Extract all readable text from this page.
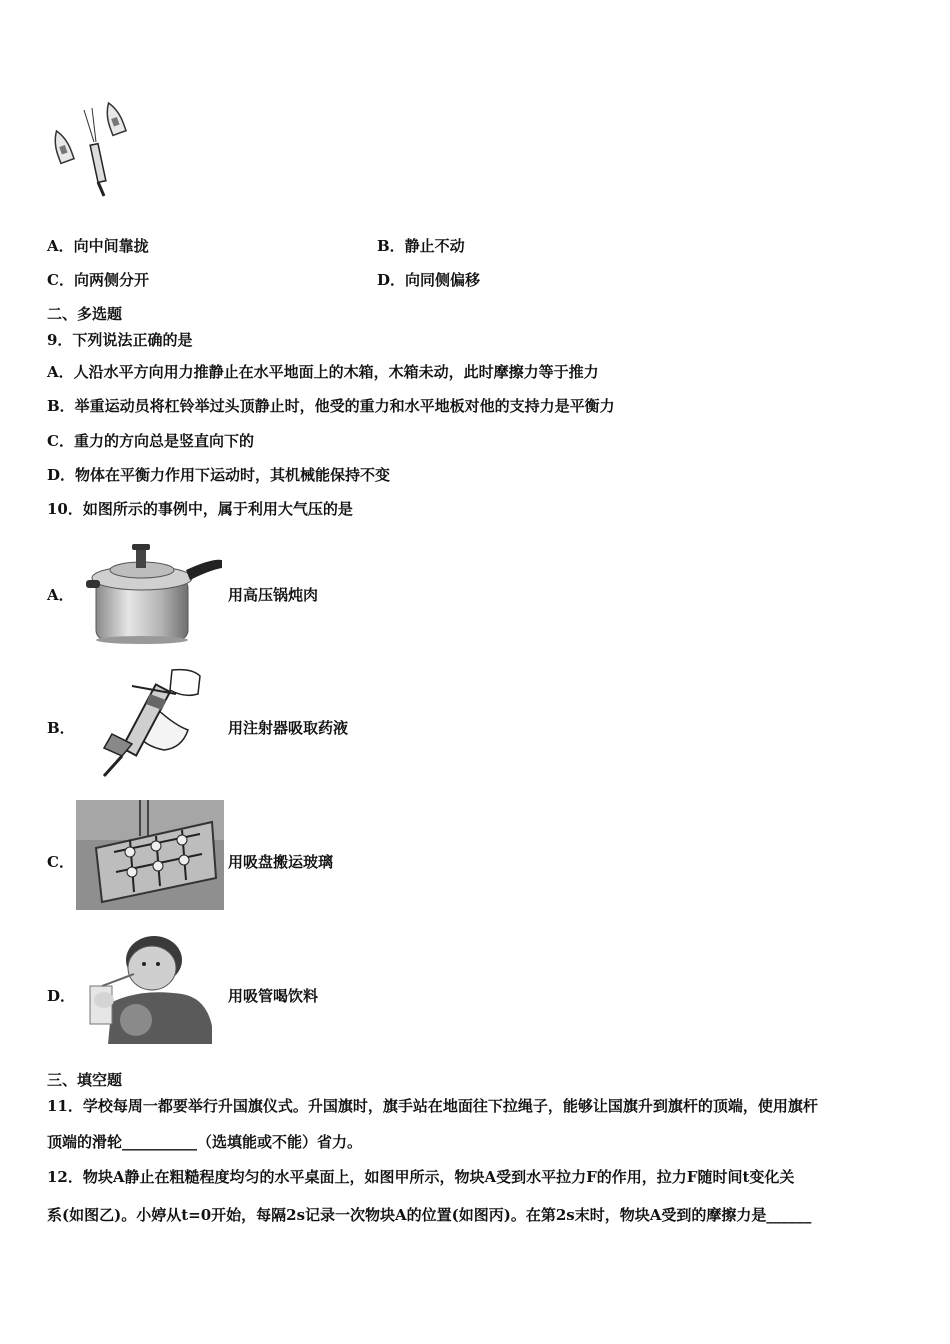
A．向中间靠拢	B．静止不动
C．向两侧分开	D．向同侧偏移
二、多选题
9．下列说法正确的是
A．人沿水平方向用力推静止在水平地面上的木箱，木箱未动，此时摩擦力等于推力
B．举重运动员将杠铃举过头顶静止时，他受的重力和水平地板对他的支持力是平衡力
C．重力的方向总是竖直向下的
D．物体在平衡力作用下运动时，其机械能保持不变
10．如图所示的事例中，属于利用大气压的是
A．	用高压锅炖肉
B．	用注射器吸取药液
C．	用吸盘搬运玻璃
D．	用吸管喝饮料
三、填空题
11．学校每周一都要举行升国旗仪式。升国旗时，旗手站在地面往下拉绳子，能够让国旗升到旗杆的顶端，使用旗杆
顶端的滑轮__________（选填能或不能）省力。
12．物块A静止在粗糙程度均匀的水平桌面上，如图甲所示，物块A受到水平拉力F的作用，拉力F随时间t变化关
系(如图乙)。小婷从t=0开始，每隔2s记录一次物块A的位置(如图丙)。在第2s末时，物块A受到的摩擦力是______
